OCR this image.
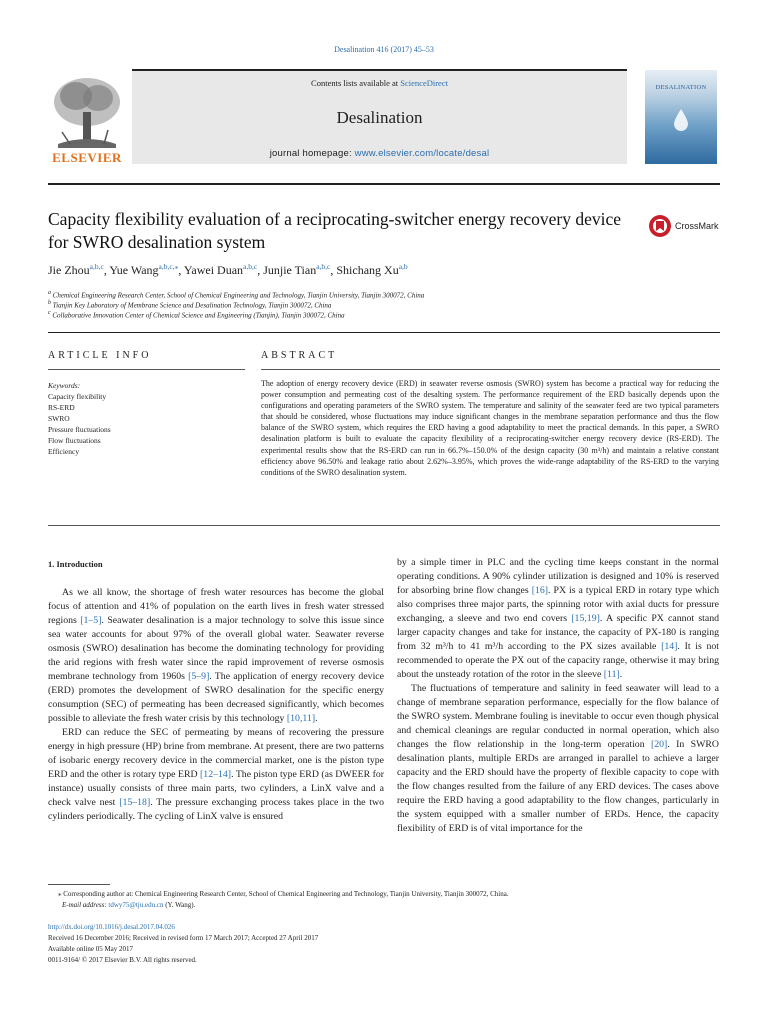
Desalination 416 (2017) 45–53
Contents lists available at ScienceDirect
Desalination
journal homepage: www.elsevier.com/locate/desal
ELSEVIER
DESALINATION
Capacity flexibility evaluation of a reciprocating-switcher energy recovery device for SWRO desalination system
CrossMark
Jie Zhou$^{a,b,c}$, Yue Wang$^{a,b,c,⁎}$, Yawei Duan$^{a,b,c}$, Junjie Tian$^{a,b,c}$, Shichang Xu$^{a,b}$
$^a$ Chemical Engineering Research Center, School of Chemical Engineering and Technology, Tianjin University, Tianjin 300072, China
$^b$ Tianjin Key Laboratory of Membrane Science and Desalination Technology, Tianjin 300072, China
$^c$ Collaborative Innovation Center of Chemical Science and Engineering (Tianjin), Tianjin 300072, China
ARTICLE INFO	ABSTRACT
Keywords:
Capacity flexibility
RS-ERD
SWRO
Pressure fluctuations
Flow fluctuations
Efficiency
The adoption of energy recovery device (ERD) in seawater reverse osmosis (SWRO) system has become a practical way for reducing the power consumption and permeating cost of the desalting system. The performance requirement of the ERD basically depends upon the configurations and operating parameters of the SWRO system. The temperature and salinity of the seawater feed are two typical parameters that should be considered, whose fluctuations may induce significant changes in the membrane separation performance and thus the flow balance of the SWRO system, which requires the ERD having a good adaptability to meet the practical demands. In this paper, a SWRO desalination platform is built to evaluate the capacity flexibility of a reciprocating-switcher energy recovery device (RS-ERD). The experimental results show that the RS-ERD can run in 66.7%–150.0% of the design capacity (30 m³/h) and maintain a relative constant efficiency above 96.50% and leakage ratio about 2.62%–3.95%, which proves the wide-range adaptability of the RS-ERD to the varying conditions of the SWRO desalination system.
1. Introduction

As we all know, the shortage of fresh water resources has become the global focus of attention and 41% of population on the earth lives in fresh water stressed regions [1–5]. Seawater desalination is a major technology to solve this issue since sea water accounts for about 97% of the overall global water. Seawater reverse osmosis (SWRO) desalination has become the dominating technology for providing the arid regions with fresh water since the rapid improvement of reverse osmosis membrane technology from 1960s [5–9]. The application of energy recovery device (ERD) promotes the development of SWRO desalination for the specific energy consumption (SEC) of permeating has been decreased significantly, which becomes possible to alleviate the fresh water crisis by this technology [10,11].

ERD can reduce the SEC of permeating by means of recovering the pressure energy in high pressure (HP) brine from membrane. At present, there are two patterns of isobaric energy recovery device in the commercial market, one is the piston type ERD and the other is rotary type ERD [12–14]. The piston type ERD (as DWEER for instance) usually consists of three main parts, two cylinders, a LinX valve and a check valve nest [15–18]. The pressure exchanging process takes place in the two cylinders periodically. The cycling of LinX valve is ensured

by a simple timer in PLC and the cycling time keeps constant in the normal operating conditions. A 90% cylinder utilization is designed and 10% is reserved for absorbing brine flow changes [16]. PX is a typical ERD in rotary type which also comprises three major parts, the spinning rotor with axial ducts for pressure exchanging, a sleeve and two end covers [15,19]. A specific PX cannot stand larger capacity changes and take for instance, the capacity of PX-180 is ranging from 32 m³/h to 41 m³/h according to the PX sizes available [14]. It is not recommended to operate the PX out of the capacity range, otherwise it may bring about the unsteady rotation of the rotor in the sleeve [11].

The fluctuations of temperature and salinity in feed seawater will lead to a change of membrane separation performance, especially for the flow balance of the SWRO system. Membrane fouling is inevitable to occur even though physical and chemical cleanings are regular conducted in normal operation, which also changes the flow relationship in the long-term operation [20]. In SWRO desalination plants, multiple ERDs are arranged in parallel to achieve a larger capacity and the ERD should have the property of flexible capacity to cope with the flow changes resulted from the failure of any ERD devices. The cases above require the ERD having a good adaptability to the flow changes, particularly in the system equipped with a smaller number of ERDs. Hence, the capacity flexibility of ERD is of vital importance for the

⁎ Corresponding author at: Chemical Engineering Research Center, School of Chemical Engineering and Technology, Tianjin University, Tianjin 300072, China.
E-mail address: tdwy75@tju.edu.cn (Y. Wang).
http://dx.doi.org/10.1016/j.desal.2017.04.026
Received 16 December 2016; Received in revised form 17 March 2017; Accepted 27 April 2017
Available online 05 May 2017
0011-9164/ © 2017 Elsevier B.V. All rights reserved.
